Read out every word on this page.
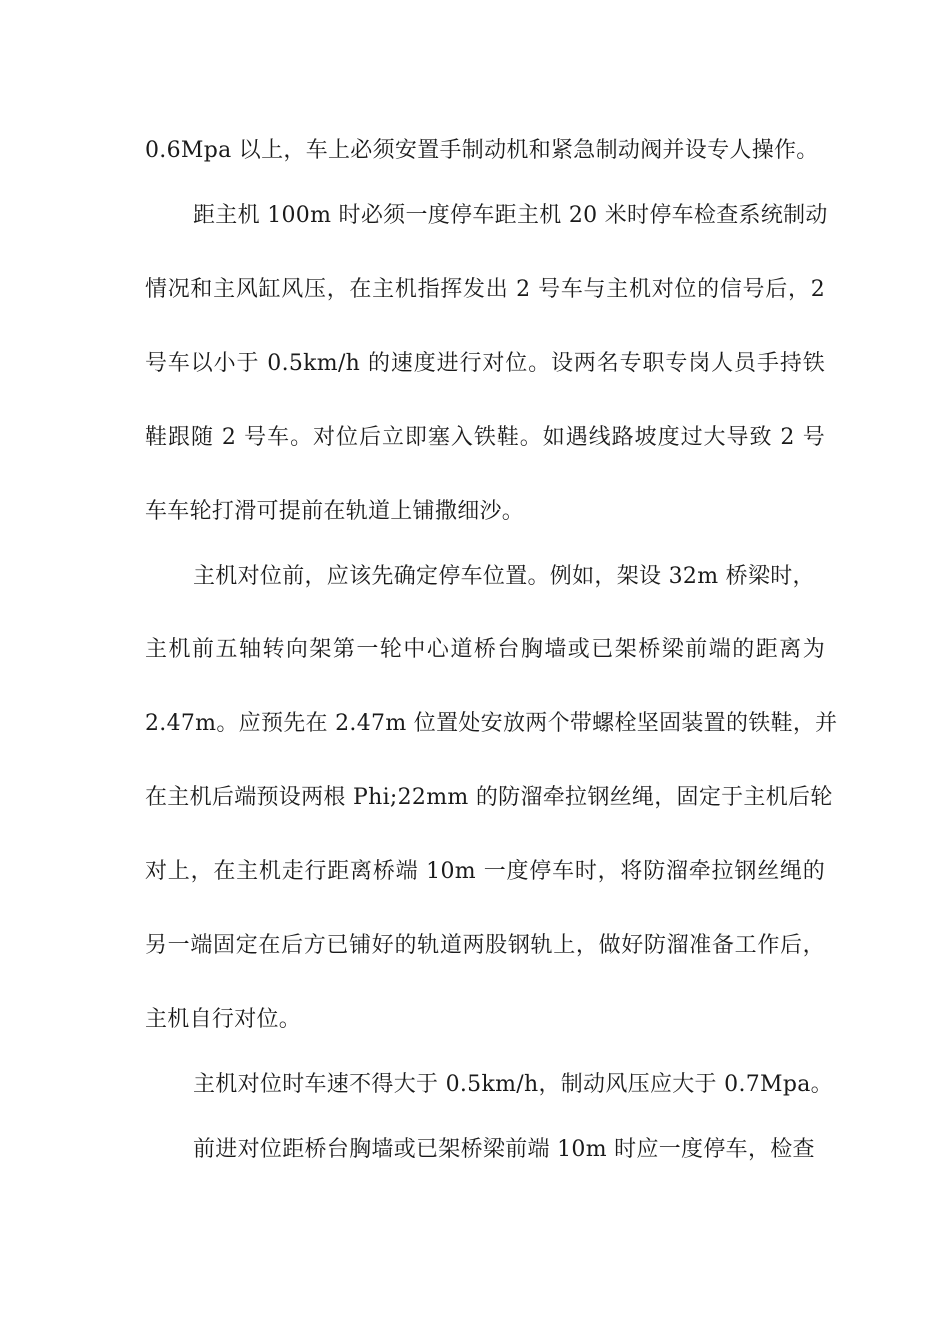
0.6Mpa 以上，车上必须安置手制动机和紧急制动阀并设专人操作。
距主机 100m 时必须一度停车距主机 20 米时停车检查系统制动
情况和主风缸风压，在主机指挥发出 2 号车与主机对位的信号后，2
号车以小于 0.5km/h 的速度进行对位。设两名专职专岗人员手持铁
鞋跟随 2 号车。对位后立即塞入铁鞋。如遇线路坡度过大导致 2 号
车车轮打滑可提前在轨道上铺撒细沙。
主机对位前，应该先确定停车位置。例如，架设 32m 桥梁时，
主机前五轴转向架第一轮中心道桥台胸墙或已架桥梁前端的距离为
2.47m。应预先在 2.47m 位置处安放两个带螺栓坚固装置的铁鞋，并
在主机后端预设两根 Phi;22mm 的防溜牵拉钢丝绳，固定于主机后轮
对上，在主机走行距离桥端 10m 一度停车时，将防溜牵拉钢丝绳的
另一端固定在后方已铺好的轨道两股钢轨上，做好防溜准备工作后，
主机自行对位。
主机对位时车速不得大于 0.5km/h，制动风压应大于 0.7Mpa。
前进对位距桥台胸墙或已架桥梁前端 10m 时应一度停车，检查
